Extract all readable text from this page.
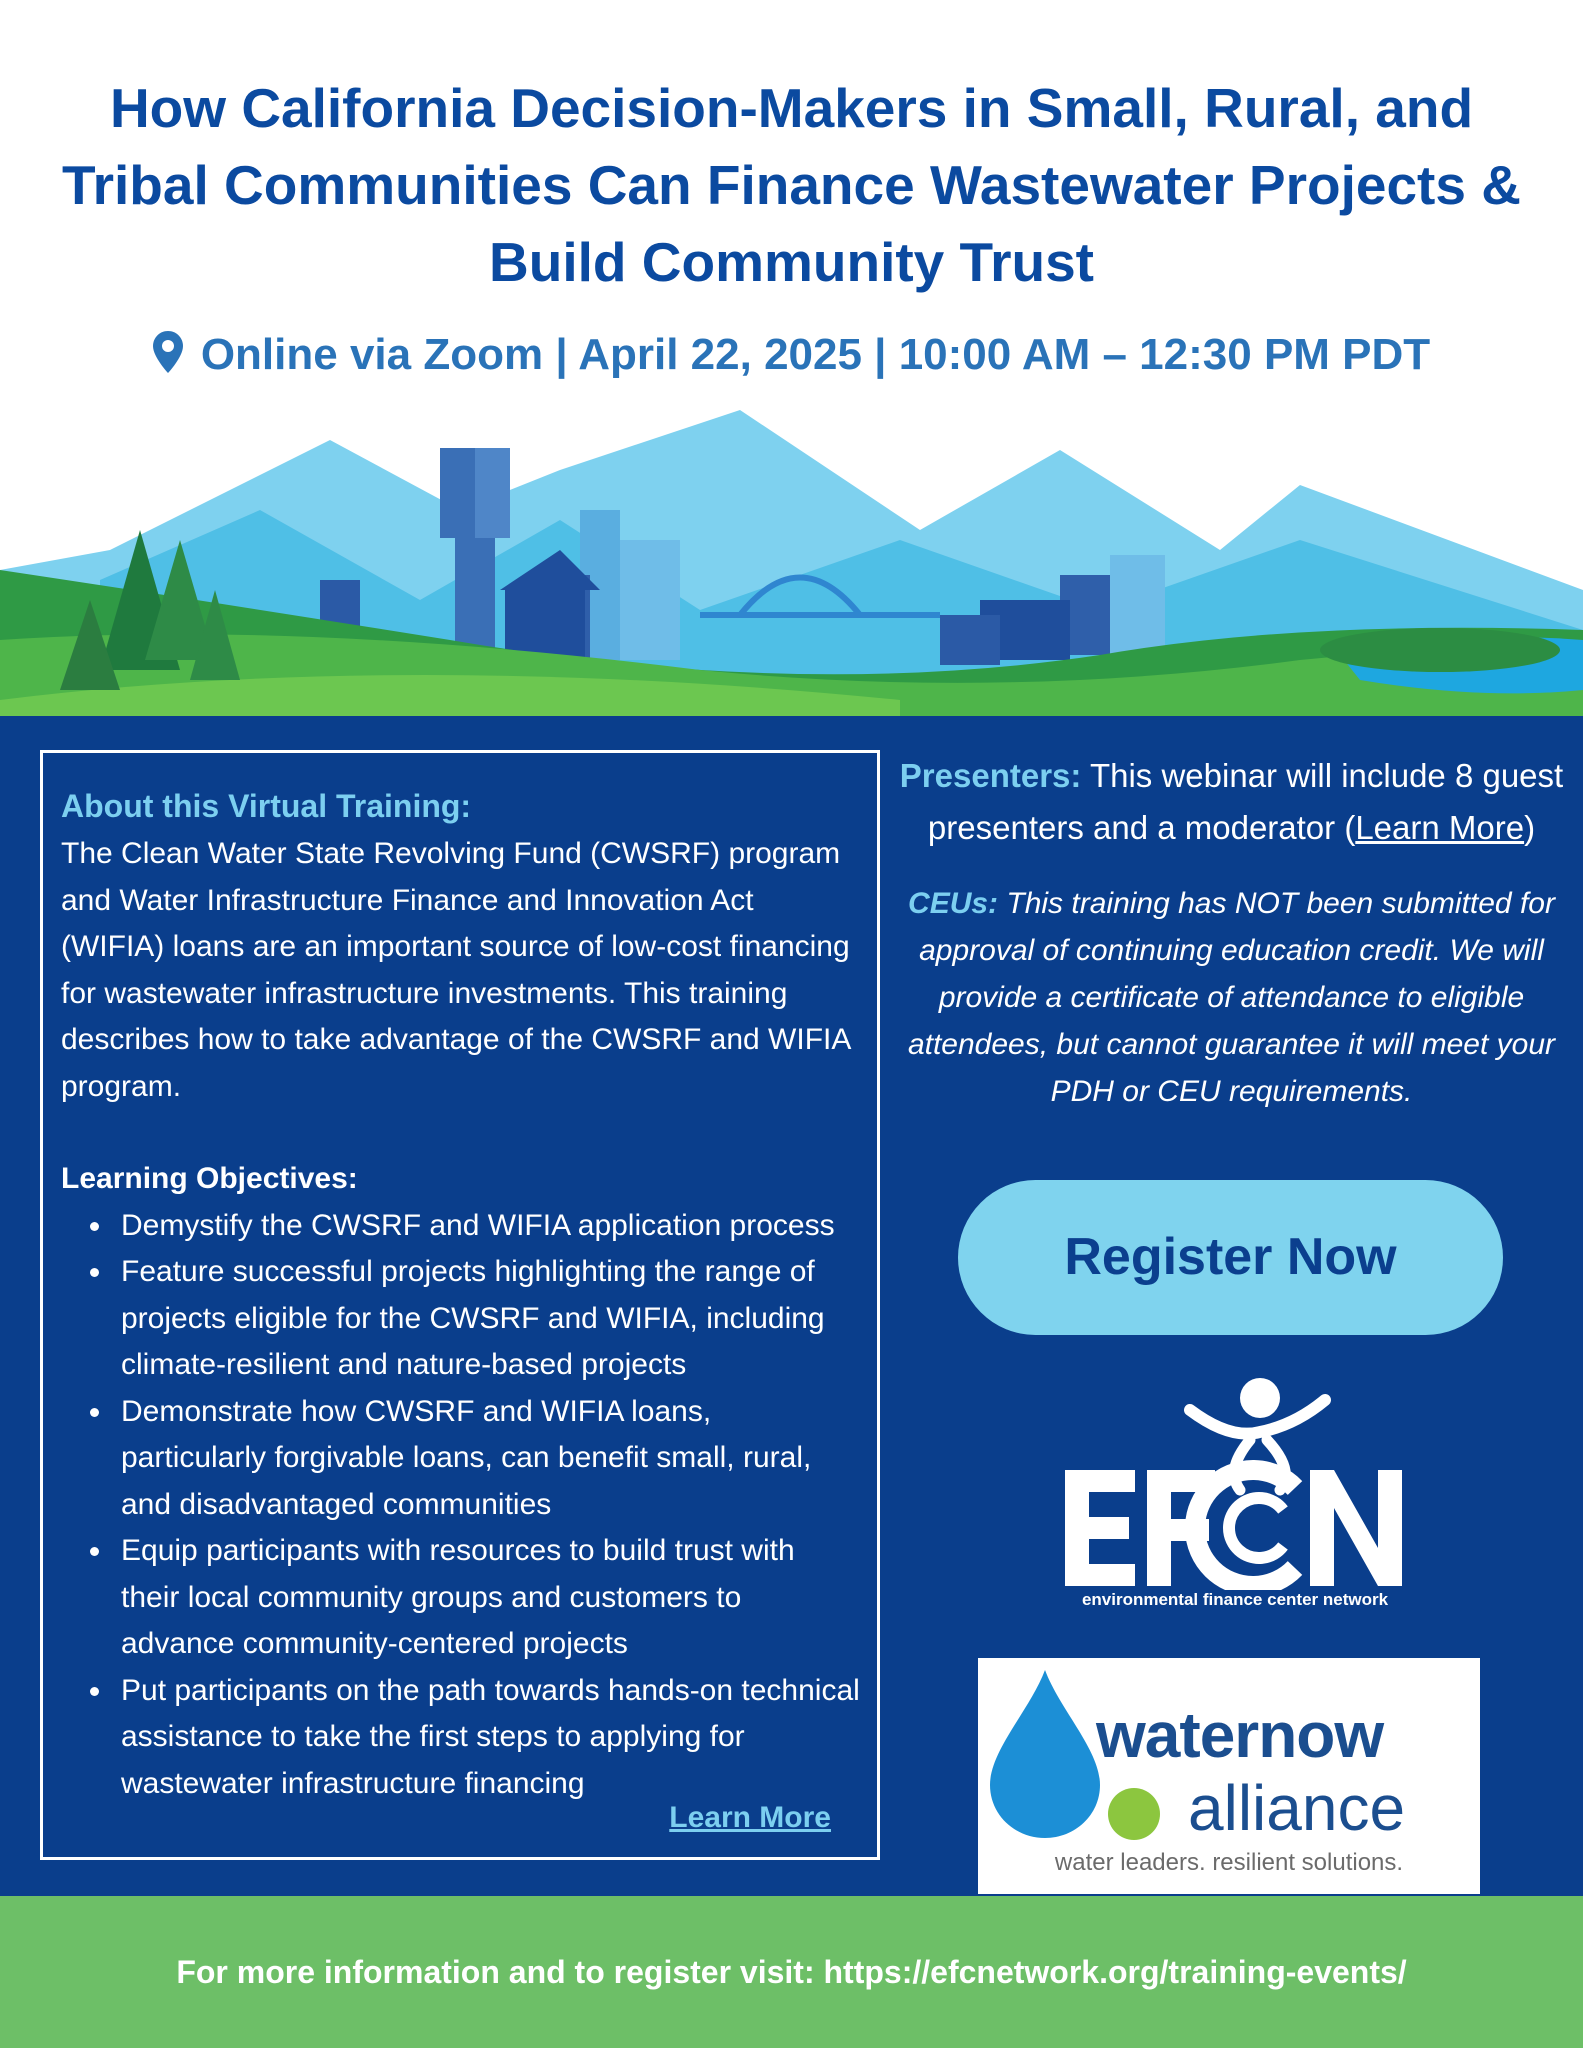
How California Decision-Makers in Small, Rural, and Tribal Communities Can Finance Wastewater Projects & Build Community Trust
Online via Zoom | April 22, 2025 | 10:00 AM – 12:30 PM PDT
About this Virtual Training:
The Clean Water State Revolving Fund (CWSRF) program and Water Infrastructure Finance and Innovation Act (WIFIA) loans are an important source of low-cost financing for wastewater infrastructure investments. This training describes how to take advantage of the CWSRF and WIFIA program.
Learning Objectives:
Demystify the CWSRF and WIFIA application process
Feature successful projects highlighting the range of projects eligible for the CWSRF and WIFIA, including climate-resilient and nature-based projects
Demonstrate how CWSRF and WIFIA loans, particularly forgivable loans, can benefit small, rural, and disadvantaged communities
Equip participants with resources to build trust with their local community groups and customers to advance community-centered projects
Put participants on the path towards hands-on technical assistance to take the first steps to applying for wastewater infrastructure financing
Learn More
Presenters: This webinar will include 8 guest presenters and a moderator (Learn More)
CEUs: This training has NOT been submitted for approval of continuing education credit. We will provide a certificate of attendance to eligible attendees, but cannot guarantee it will meet your PDH or CEU requirements.
Register Now
environmental finance center network
waternow
alliance
water leaders. resilient solutions.
For more information and to register visit: https://efcnetwork.org/training-events/
